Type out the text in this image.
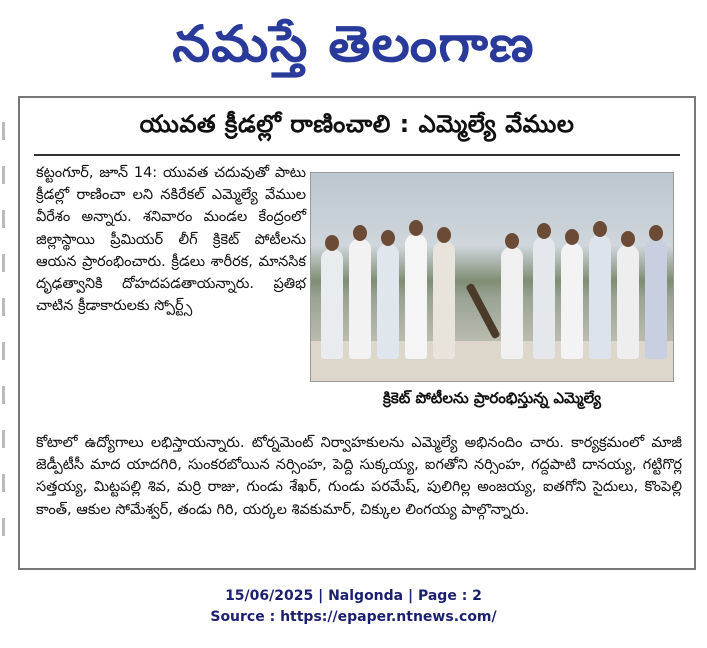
నమస్తే తెలంగాణ
యువత క్రీడల్లో రాణించాలి : ఎమ్మెల్యే వేముల

కట్టంగూర్, జూన్ 14: యువత చదువుతో పాటు క్రీడల్లో రాణించా లని నకిరేకల్ ఎమ్మెల్యే వేముల వీరేశం అన్నారు. శనివారం మండల కేంద్రంలో జిల్లాస్థాయి ప్రీమియర్ లీగ్ క్రికెట్ పోటీలను ఆయన ప్రారంభించారు. క్రీడలు శారీరక, మానసిక దృఢత్వానికి దోహదపడతాయన్నారు. ప్రతిభ చాటిన క్రీడాకారులకు స్పోర్ట్స్

క్రికెట్ పోటీలను ప్రారంభిస్తున్న ఎమ్మెల్యే

కోటాలో ఉద్యోగాలు లభిస్తాయన్నారు. టోర్నమెంట్ నిర్వాహకులను ఎమ్మెల్యే అభినందిం చారు. కార్యక్రమంలో మాజీ జెడ్పీటీసీ మాద యాదగిరి, సుంకరబోయిన నర్సింహ, పెద్ది సుక్కయ్య, ఐగతోని నర్సింహ, గద్దపాటి దానయ్య, గట్టిగొర్ల సత్తయ్య, మిట్టపల్లి శివ, మర్రి రాజు, గుండు శేఖర్, గుండు పరమేష్, పులిగిల్ల అంజయ్య, ఐతగోని సైదులు, కొంపెల్లి కాంత్, ఆకుల సోమేశ్వర్, తండు గిరి, యర్కల శివకుమార్, చిక్కుల లింగయ్య పాల్గొన్నారు.

15/06/2025 | Nalgonda | Page : 2
Source : https://epaper.ntnews.com/
